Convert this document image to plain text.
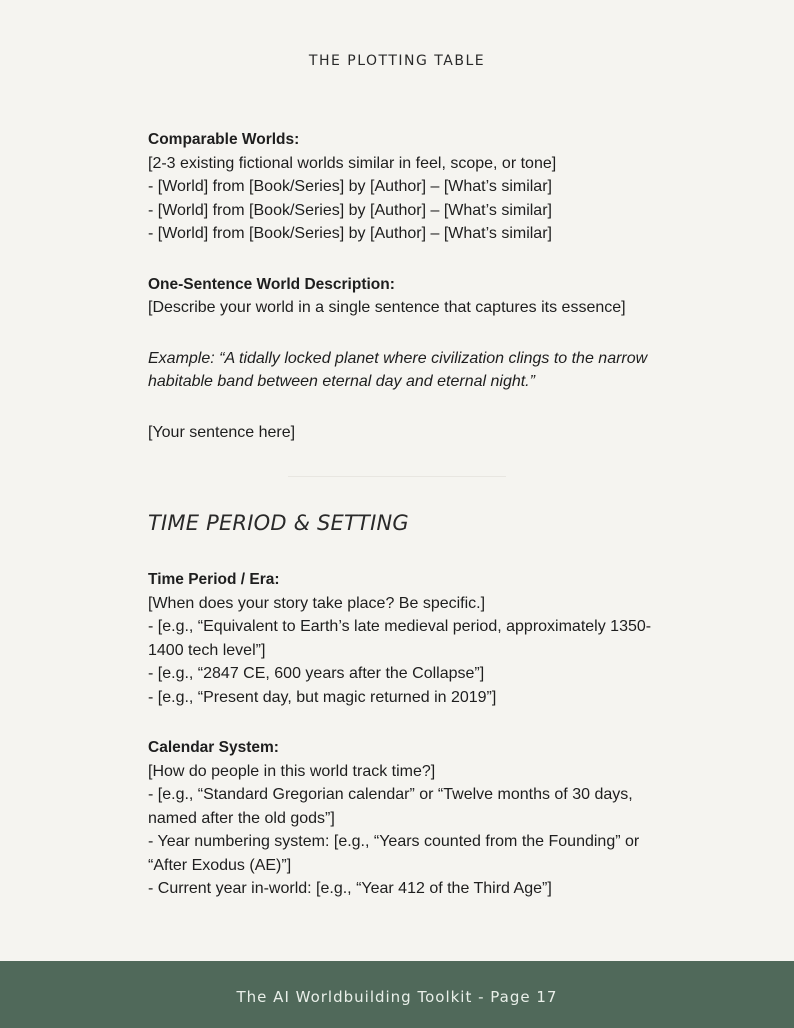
THE PLOTTING TABLE
Comparable Worlds:
[2-3 existing fictional worlds similar in feel, scope, or tone]
- [World] from [Book/Series] by [Author] – [What’s similar]
- [World] from [Book/Series] by [Author] – [What’s similar]
- [World] from [Book/Series] by [Author] – [What’s similar]
One-Sentence World Description:
[Describe your world in a single sentence that captures its essence]
Example: “A tidally locked planet where civilization clings to the narrow
habitable band between eternal day and eternal night.”
[Your sentence here]
TIME PERIOD & SETTING
Time Period / Era:
[When does your story take place? Be specific.]
- [e.g., “Equivalent to Earth’s late medieval period, approximately 1350-1400 tech level”]
- [e.g., “2847 CE, 600 years after the Collapse”]
- [e.g., “Present day, but magic returned in 2019”]
Calendar System:
[How do people in this world track time?]
- [e.g., “Standard Gregorian calendar” or “Twelve months of 30 days, named after the old gods”]
- Year numbering system: [e.g., “Years counted from the Founding” or “After Exodus (AE)”]
- Current year in-world: [e.g., “Year 412 of the Third Age”]
The AI Worldbuilding Toolkit - Page 17
